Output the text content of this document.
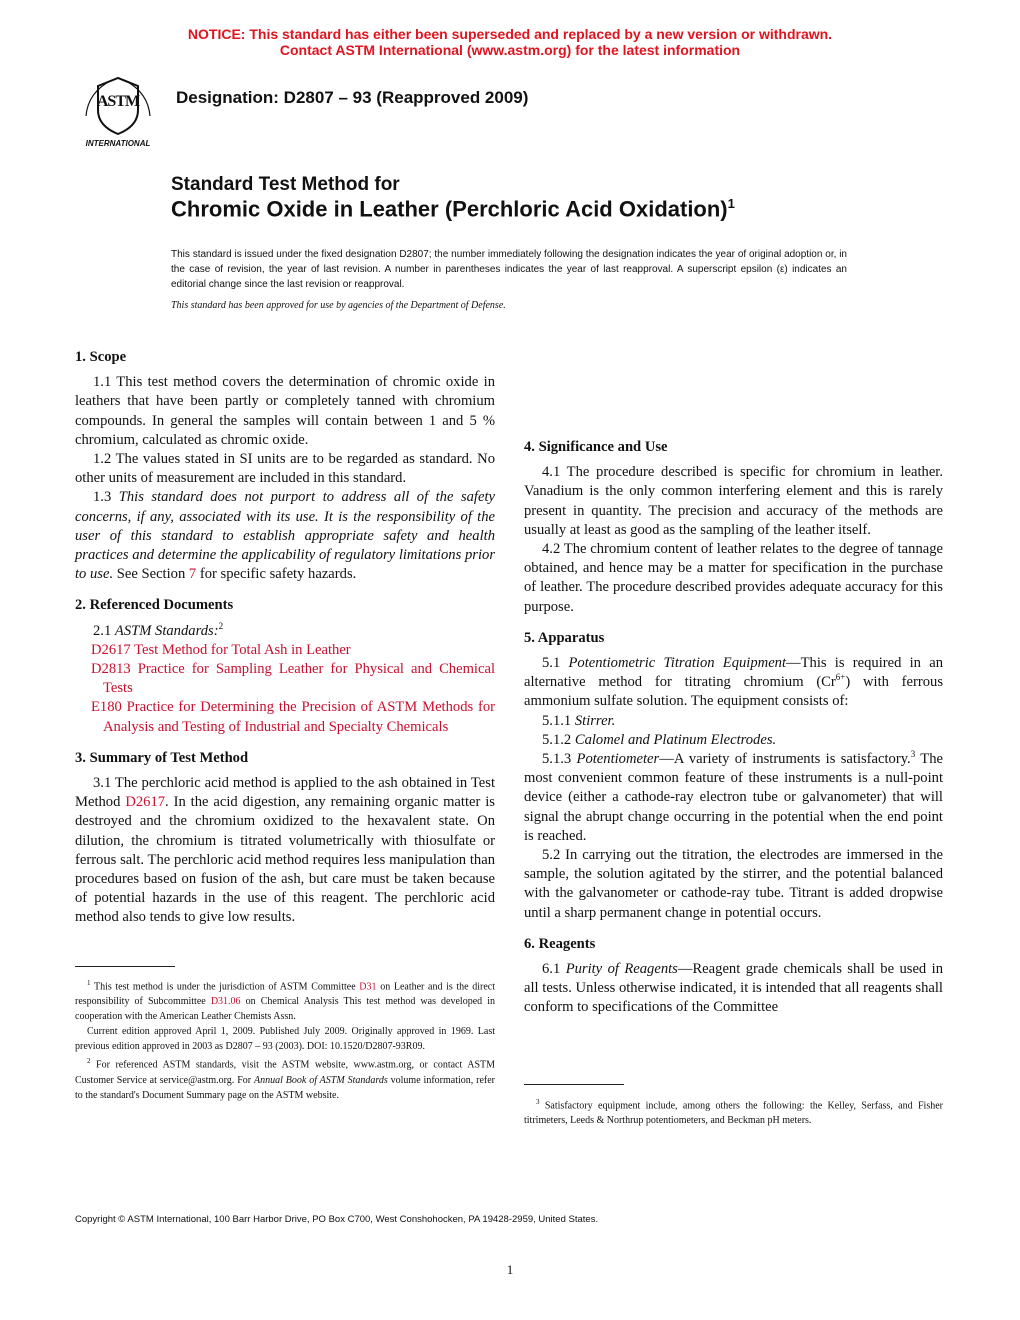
NOTICE: This standard has either been superseded and replaced by a new version or withdrawn.
Contact ASTM International (www.astm.org) for the latest information
ASTM
INTERNATIONAL
Designation: D2807 – 93 (Reapproved 2009)
Standard Test Method for
Chromic Oxide in Leather (Perchloric Acid Oxidation)$^1$
This standard is issued under the fixed designation D2807; the number immediately following the designation indicates the year of original adoption or, in the case of revision, the year of last revision. A number in parentheses indicates the year of last reapproval. A superscript epsilon (ε) indicates an editorial change since the last revision or reapproval.
This standard has been approved for use by agencies of the Department of Defense.
1. Scope

1.1 This test method covers the determination of chromic oxide in leathers that have been partly or completely tanned with chromium compounds. In general the samples will contain between 1 and 5 % chromium, calculated as chromic oxide.

1.2 The values stated in SI units are to be regarded as standard. No other units of measurement are included in this standard.

1.3 This standard does not purport to address all of the safety concerns, if any, associated with its use. It is the responsibility of the user of this standard to establish appropriate safety and health practices and determine the applicability of regulatory limitations prior to use. See Section 7 for specific safety hazards.

2. Referenced Documents

2.1 ASTM Standards:$^2$

D2617 Test Method for Total Ash in Leather

D2813 Practice for Sampling Leather for Physical and Chemical Tests

E180 Practice for Determining the Precision of ASTM Methods for Analysis and Testing of Industrial and Specialty Chemicals

3. Summary of Test Method

3.1 The perchloric acid method is applied to the ash obtained in Test Method D2617. In the acid digestion, any remaining organic matter is destroyed and the chromium oxidized to the hexavalent state. On dilution, the chromium is titrated volumetrically with thiosulfate or ferrous salt. The perchloric acid method requires less manipulation than procedures based on fusion of the ash, but care must be taken because of potential hazards in the use of this reagent. The perchloric acid method also tends to give low results.

4. Significance and Use

4.1 The procedure described is specific for chromium in leather. Vanadium is the only common interfering element and this is rarely present in quantity. The precision and accuracy of the methods are usually at least as good as the sampling of the leather itself.

4.2 The chromium content of leather relates to the degree of tannage obtained, and hence may be a matter for specification in the purchase of leather. The procedure described provides adequate accuracy for this purpose.

5. Apparatus

5.1 Potentiometric Titration Equipment—This is required in an alternative method for titrating chromium $(Cr^{6+})$ with ferrous ammonium sulfate solution. The equipment consists of:

5.1.1 Stirrer.

5.1.2 Calomel and Platinum Electrodes.

5.1.3 Potentiometer—A variety of instruments is satisfactory.$^3$ The most convenient common feature of these instruments is a null-point device (either a cathode-ray electron tube or galvanometer) that will signal the abrupt change occurring in the potential when the end point is reached.

5.2 In carrying out the titration, the electrodes are immersed in the sample, the solution agitated by the stirrer, and the potential balanced with the galvanometer or cathode-ray tube. Titrant is added dropwise until a sharp permanent change in potential occurs.

6. Reagents

6.1 Purity of Reagents—Reagent grade chemicals shall be used in all tests. Unless otherwise indicated, it is intended that all reagents shall conform to specifications of the Committee

$^1$ This test method is under the jurisdiction of ASTM Committee D31 on Leather and is the direct responsibility of Subcommittee D31.06 on Chemical Analysis This test method was developed in cooperation with the American Leather Chemists Assn.

Current edition approved April 1, 2009. Published July 2009. Originally approved in 1969. Last previous edition approved in 2003 as D2807 – 93 (2003). DOI: 10.1520/D2807-93R09.

$^2$ For referenced ASTM standards, visit the ASTM website, www.astm.org, or contact ASTM Customer Service at service@astm.org. For Annual Book of ASTM Standards volume information, refer to the standard's Document Summary page on the ASTM website.

$^3$ Satisfactory equipment include, among others the following: the Kelley, Serfass, and Fisher titrimeters, Leeds & Northrup potentiometers, and Beckman pH meters.

Copyright © ASTM International, 100 Barr Harbor Drive, PO Box C700, West Conshohocken, PA 19428-2959, United States.
1
